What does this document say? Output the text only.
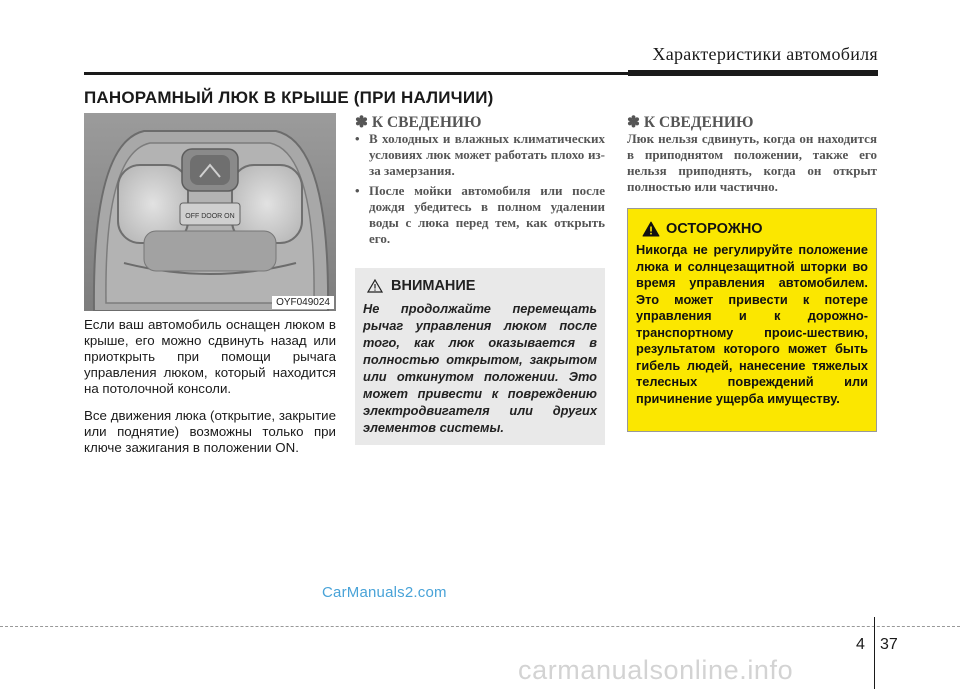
Характеристики автомобиля
ПАНОРАМНЫЙ ЛЮК В КРЫШЕ (ПРИ НАЛИЧИИ)
OFF DOOR ON
OYF049024

Если ваш автомобиль оснащен люком в крыше, его можно сдвинуть назад или приоткрыть при помощи рычага управления люком, который находится на потолочной консоли.

Все движения люка (открытие, закрытие или поднятие) возможны только при ключе зажигания в положении ON.

✽ К СВЕДЕНИЮ
• В холодных и влажных климатических условиях люк может работать плохо из-за замерзания.
• После мойки автомобиля или после дождя убедитесь в полном удалении воды с люка перед тем, как открыть его.
ВНИМАНИЕ
Не продолжайте перемещать рычаг управления люком после того, как люк оказывается в полностью открытом, закрытом или откинутом положении. Это может привести к повреждению электродвигателя или других элементов системы.
✽ К СВЕДЕНИЮ
Люк нельзя сдвинуть, когда он находится в приподнятом положении, также его нельзя приподнять, когда он открыт полностью или частично.
ОСТОРОЖНО
Никогда не регулируйте положение люка и солнцезащитной шторки во время управления автомобилем. Это может привести к потере управления и к дорожно-транспортному проис-шествию, результатом которого может быть гибель людей, нанесение тяжелых телесных повреждений или причинение ущерба имуществу.
CarManuals2.com
4 37
carmanualsonline.info
